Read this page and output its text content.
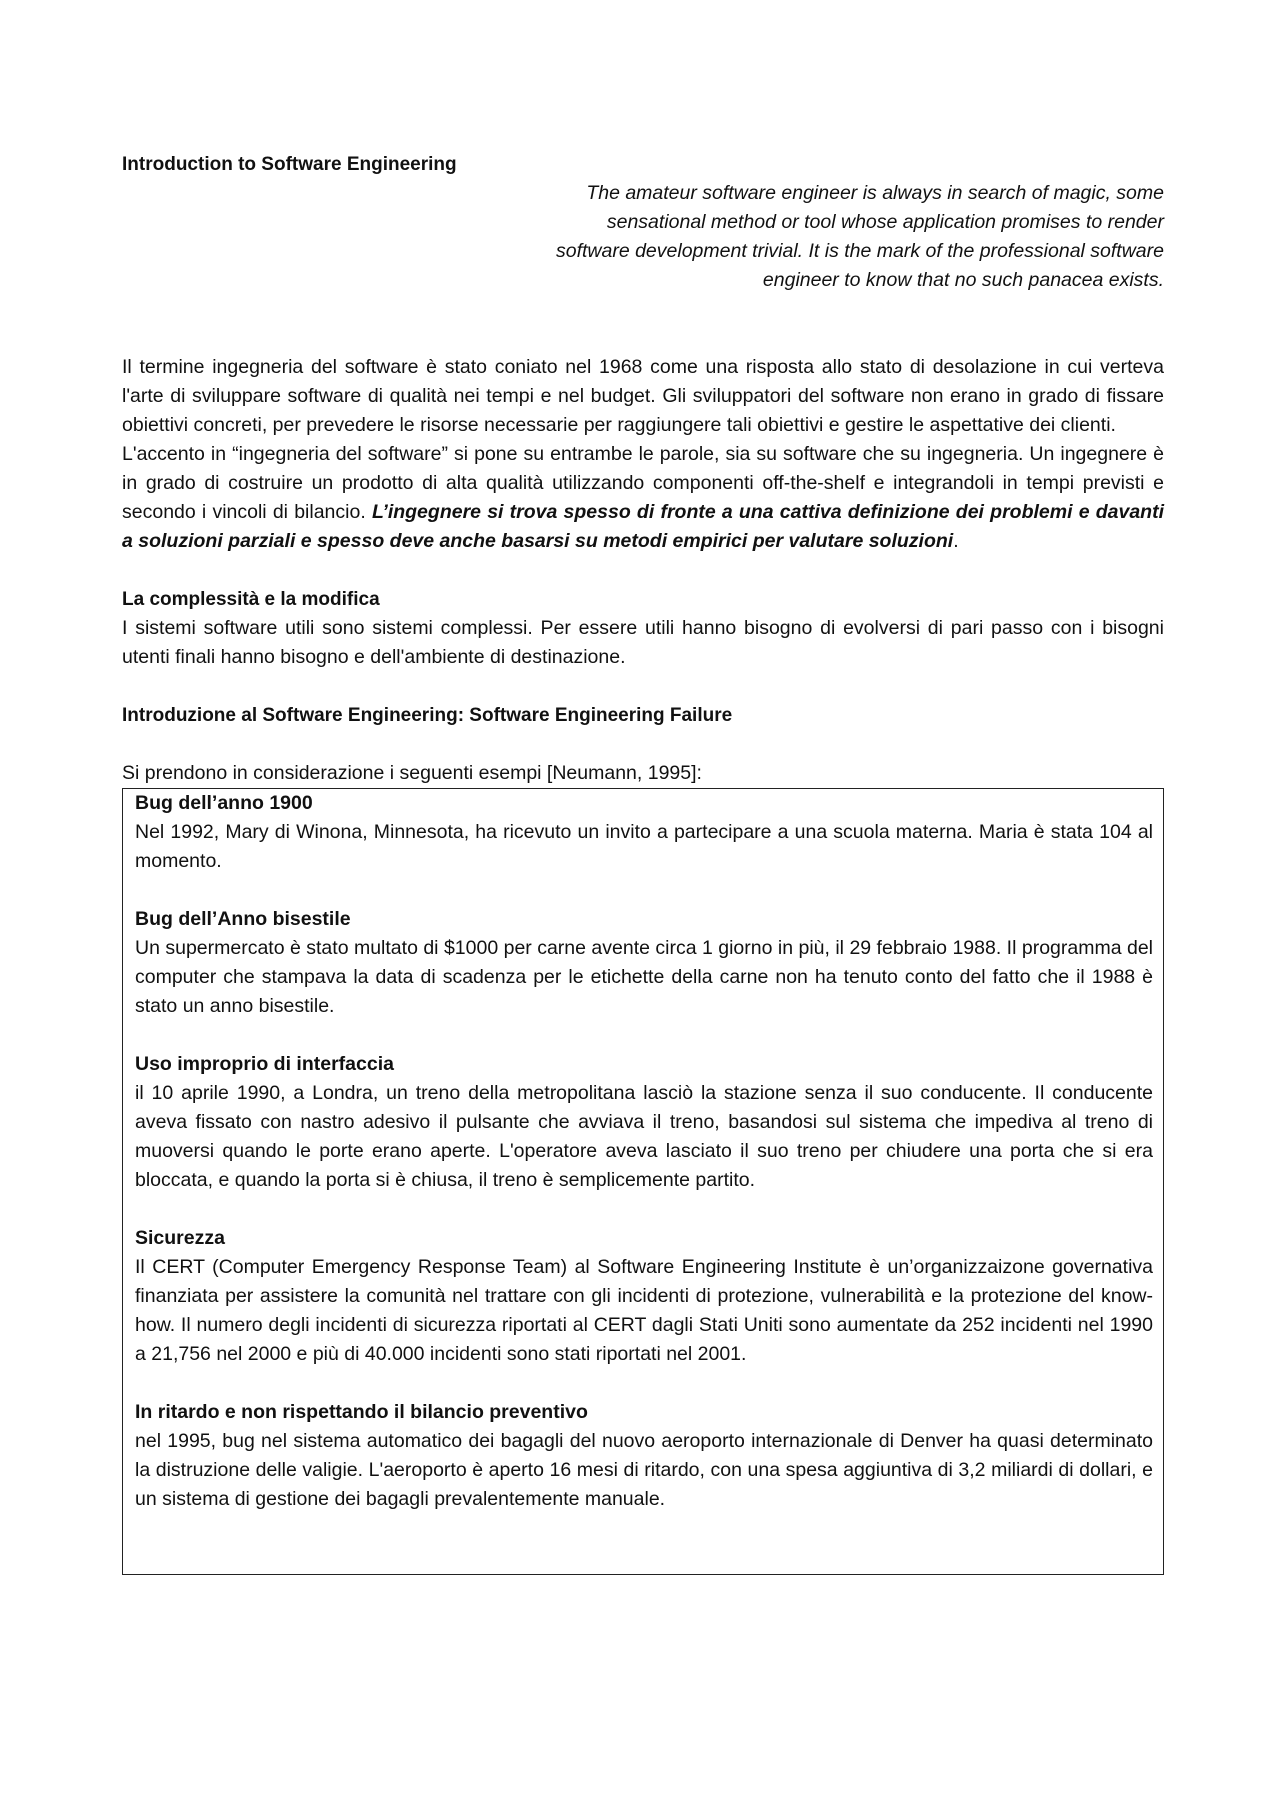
Introduction to Software Engineering

The amateur software engineer is always in search of magic, some sensational method or tool whose application promises to render software development trivial. It is the mark of the professional software engineer to know that no such panacea exists.

Il termine ingegneria del software è stato coniato nel 1968 come una risposta allo stato di desolazione in cui verteva l'arte di sviluppare software di qualità nei tempi e nel budget. Gli sviluppatori del software non erano in grado di fissare obiettivi concreti, per prevedere le risorse necessarie per raggiungere tali obiettivi e gestire le aspettative dei clienti.

L'accento in “ingegneria del software” si pone su entrambe le parole, sia su software che su ingegneria. Un ingegnere è in grado di costruire un prodotto di alta qualità utilizzando componenti off-the-shelf e integrandoli in tempi previsti e secondo i vincoli di bilancio. L’ingegnere si trova spesso di fronte a una cattiva definizione dei problemi e davanti a soluzioni parziali e spesso deve anche basarsi su metodi empirici per valutare soluzioni.

La complessità e la modifica

I sistemi software utili sono sistemi complessi. Per essere utili hanno bisogno di evolversi di pari passo con i bisogni utenti finali hanno bisogno e dell'ambiente di destinazione.

Introduzione al Software Engineering: Software Engineering Failure

Si prendono in considerazione i seguenti esempi [Neumann, 1995]:

Bug dell’anno 1900
Nel 1992, Mary di Winona, Minnesota, ha ricevuto un invito a partecipare a una scuola materna. Maria è stata 104 al momento.
Bug dell’Anno bisestile
Un supermercato è stato multato di $1000 per carne avente circa 1 giorno in più, il 29 febbraio 1988. Il programma del computer che stampava la data di scadenza per le etichette della carne non ha tenuto conto del fatto che il 1988 è stato un anno bisestile.
Uso improprio di interfaccia
il 10 aprile 1990, a Londra, un treno della metropolitana lasciò la stazione senza il suo conducente. Il conducente aveva fissato con nastro adesivo il pulsante che avviava il treno, basandosi sul sistema che impediva al treno di muoversi quando le porte erano aperte. L'operatore aveva lasciato il suo treno per chiudere una porta che si era bloccata, e quando la porta si è chiusa, il treno è semplicemente partito.
Sicurezza
Il CERT (Computer Emergency Response Team) al Software Engineering Institute è un’organizzaizone governativa finanziata per assistere la comunità nel trattare con gli incidenti di protezione, vulnerabilità e la protezione del know-how. Il numero degli incidenti di sicurezza riportati al CERT dagli Stati Uniti sono aumentate da 252 incidenti nel 1990 a 21,756 nel 2000 e più di 40.000 incidenti sono stati riportati nel 2001.
In ritardo e non rispettando il bilancio preventivo
nel 1995, bug nel sistema automatico dei bagagli del nuovo aeroporto internazionale di Denver ha quasi determinato la distruzione delle valigie. L'aeroporto è aperto 16 mesi di ritardo, con una spesa aggiuntiva di 3,2 miliardi di dollari, e un sistema di gestione dei bagagli prevalentemente manuale.
